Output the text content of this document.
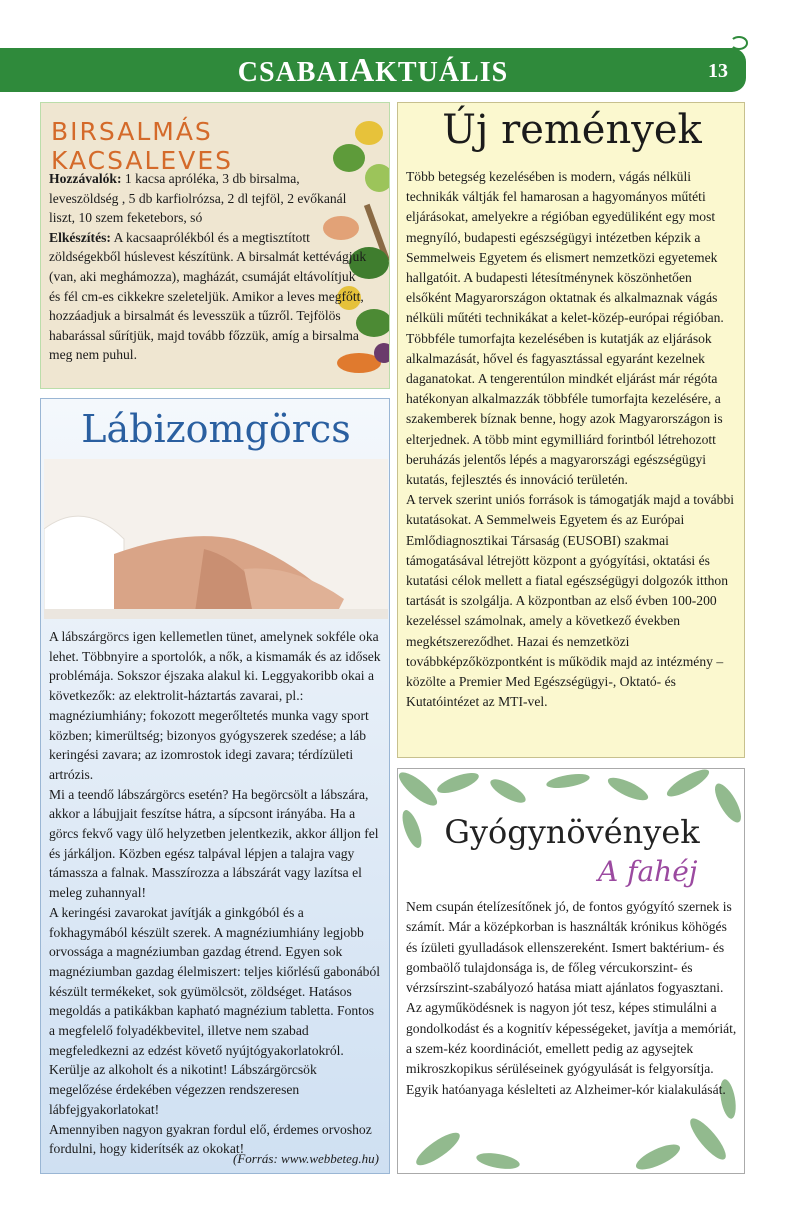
CSABAIAKTUÁLIS	13
BIRSALMÁS KACSALEVES
Hozzávalók: 1 kacsa aprólékа, 3 db birsalma, leveszöldség , 5 db karfiolrózsa, 2 dl tejföl, 2 evőkanál liszt, 10 szem feketebors, só
Elkészítés: A kacsaaprólékból és a megtisztított zöldségekből húslevest készítünk. A birsalmát kettévágjuk (van, aki meghámozza), magházát, csumáját eltávolítjuk és fél cm-es cikkekre szeleteljük. Amikor a leves megfőtt, hozzáadjuk a birsalmát és levesszük a tűzről. Tejfölös habarással sűrítjük, majd tovább főzzük, amíg a birsalma meg nem puhul.
Lábizomgörcs

A lábszárgörcs igen kellemetlen tünet, amelynek sokféle oka lehet. Többnyire a sportolók, a nők, a kismamák és az idősek problémája. Sokszor éjszaka alakul ki. Leggyakoribb okai a következők: az elektrolit-háztartás zavarai, pl.: magnéziumhiány; fokozott megerőltetés munka vagy sport közben; kimerültség; bizonyos gyógyszerek szedése; a láb keringési zavara; az izomrostok idegi zavara; térdízületi artrózis.

Mi a teendő lábszárgörcs esetén? Ha begörcsölt a lábszára, akkor a lábujjait feszítse hátra, a sípcsont irányába. Ha a görcs fekvő vagy ülő helyzetben jelentkezik, akkor álljon fel és járkáljon. Közben egész talpával lépjen a talajra vagy támassza a falnak. Masszírozza a lábszárát vagy lazítsa el meleg zuhannyal!

A keringési zavarokat javítják a ginkgóból és a fokhagymából készült szerek. A magnéziumhiány legjobb orvossága a magnéziumban gazdag étrend. Egyen sok magnéziumban gazdag élelmiszert: teljes kiőrlésű gabonából készült termékeket, sok gyümölcsöt, zöldséget. Hatásos megoldás a patikákban kapható magnézium tabletta. Fontos a megfelelő folyadékbevitel, illetve nem szabad megfeledkezni az edzést követő nyújtógyakorlatokról. Kerülje az alkoholt és a nikotint! Lábszárgörcsök megelőzése érdekében végezzen rendszeresen lábfejgyakorlatokat!

Amennyiben nagyon gyakran fordul elő, érdemes orvoshoz fordulni, hogy kiderítsék az okokat!

(Forrás: www.webbeteg.hu)
Új remények

Több betegség kezelésében is modern, vágás nélküli technikák váltják fel hamarosan a hagyományos műtéti eljárásokat, amelyekre a régióban egyedüliként egy most megnyíló, budapesti egészségügyi intézetben képzik a Semmelweis Egyetem és elismert nemzetközi egyetemek hallgatóit. A budapesti létesítménynek köszönhetően elsőként Magyarországon oktatnak és alkalmaznak vágás nélküli műtéti technikákat a kelet-közép-európai régióban.

Többféle tumorfajta kezelésében is kutatják az eljárások alkalmazását, hővel és fagyasztással egyaránt kezelnek daganatokat. A tengerentúlon mindkét eljárást már régóta hatékonyan alkalmazzák többféle tumorfajta kezelésére, a szakemberek bíznak benne, hogy azok Magyarországon is elterjednek. A több mint egymilliárd forintból létrehozott beruházás jelentős lépés a magyarországi egészségügyi kutatás, fejlesztés és innováció területén.

A tervek szerint uniós források is támogatják majd a további kutatásokat. A Semmelweis Egyetem és az Európai Emlődiagnosztikai Társaság (EUSOBI) szakmai támogatásával létrejött központ a gyógyítási, oktatási és kutatási célok mellett a fiatal egészségügyi dolgozók itthon tartását is szolgálja. A központban az első évben 100-200 kezeléssel számolnak, amely a következő években megkétszereződhet. Hazai és nemzetközi továbbképzőközpontként is működik majd az intézmény – közölte a Premier Med Egészségügyi-, Oktató- és Kutatóintézet az MTI-vel.

Gyógynövények
A fahéj
Nem csupán ételízesítőnek jó, de fontos gyógyító szernek is számít. Már a középkorban is használták krónikus köhögés és ízületi gyulladások ellenszereként. Ismert baktérium- és gombaölő tulajdonsága is, de főleg vércukorszint- és vérzsírszint-szabályozó hatása miatt ajánlatos fogyasztani. Az agyműködésnek is nagyon jót tesz, képes stimulálni a gondolkodást és a kognitív képességeket, javítja a memóriát, a szem-kéz koordinációt, emellett pedig az agysejtek mikroszkopikus sérüléseinek gyógyulását is felgyorsítja. Egyik hatóanyaga késlelteti az Alzheimer-kór kialakulását.
